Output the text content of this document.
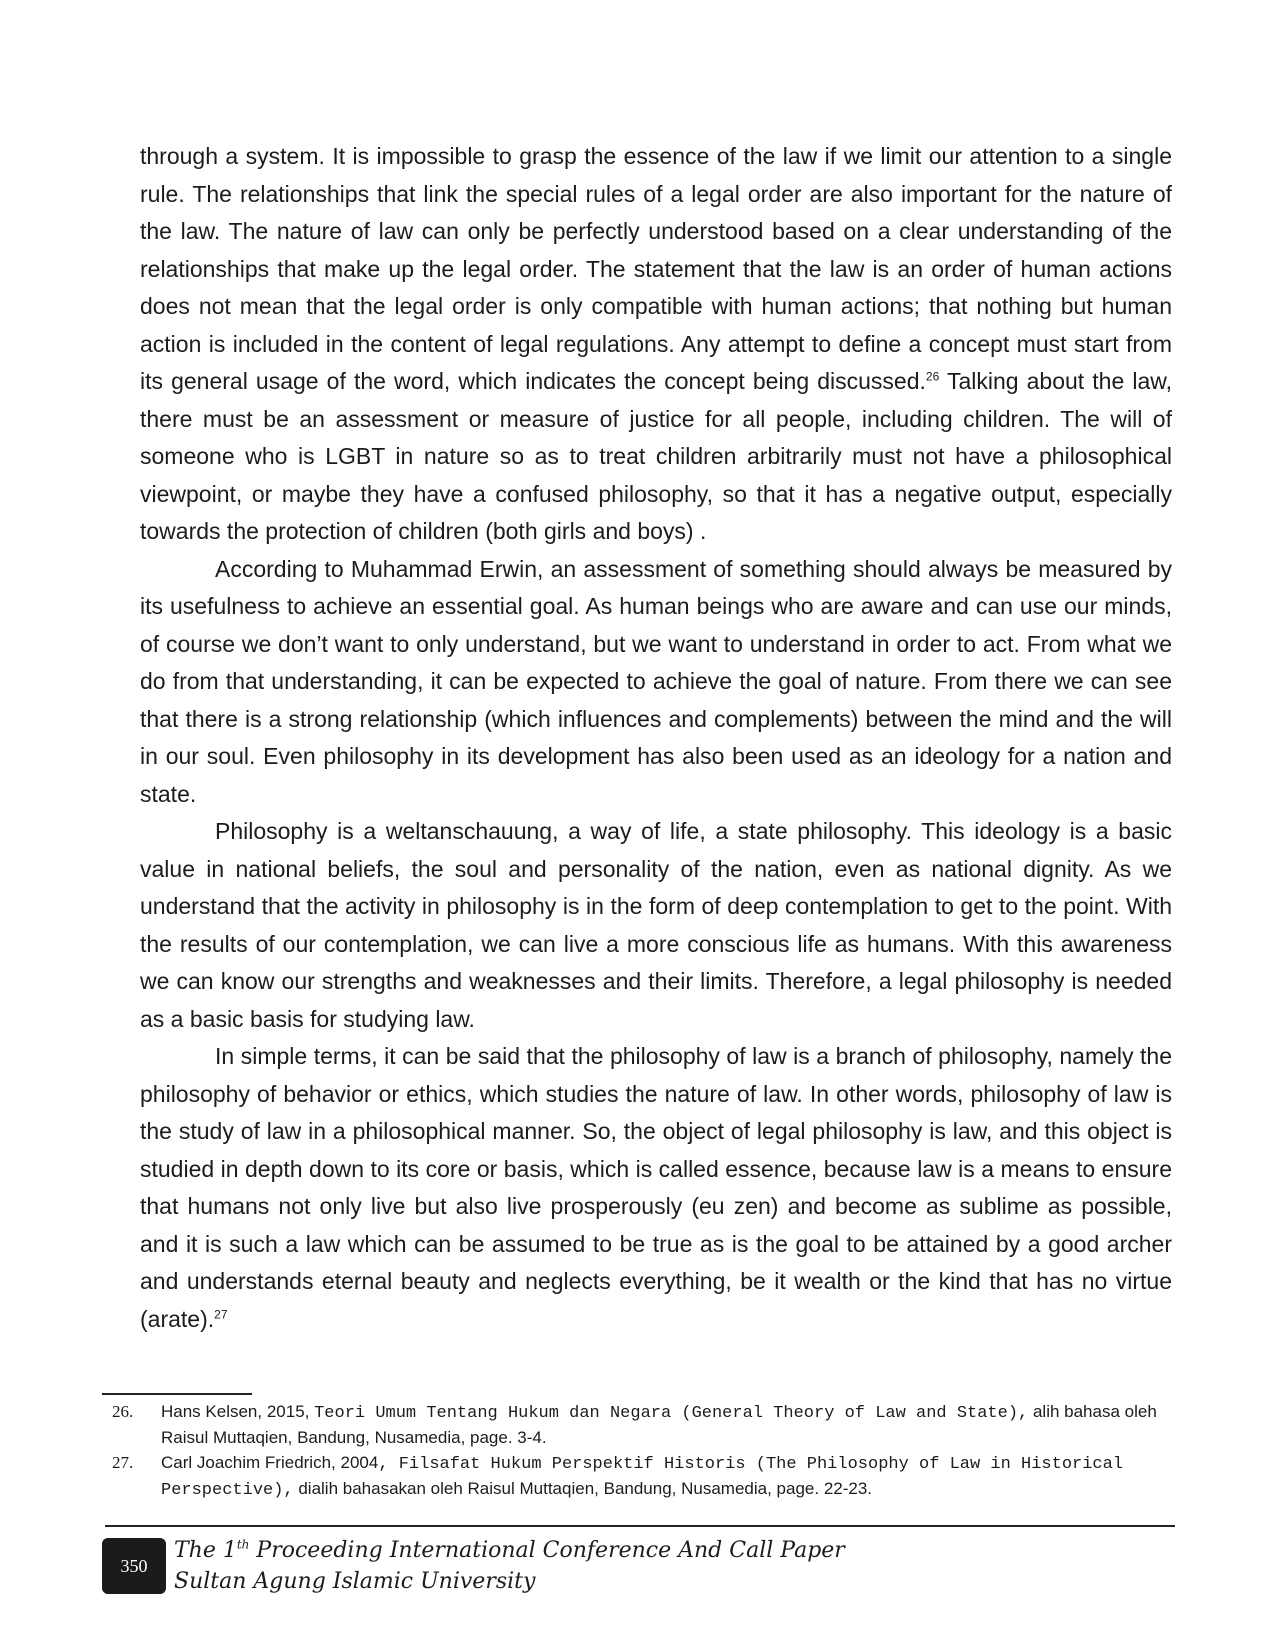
through a system. It is impossible to grasp the essence of the law if we limit our attention to a single rule. The relationships that link the special rules of a legal order are also important for the nature of the law. The nature of law can only be perfectly understood based on a clear understanding of the relationships that make up the legal order. The statement that the law is an order of human actions does not mean that the legal order is only compatible with human actions; that nothing but human action is included in the content of legal regulations. Any attempt to define a concept must start from its general usage of the word, which indicates the concept being discussed.$^{26}$ Talking about the law, there must be an assessment or measure of justice for all people, including children. The will of someone who is LGBT in nature so as to treat children arbitrarily must not have a philosophical viewpoint, or maybe they have a confused philosophy, so that it has a negative output, especially towards the protection of children (both girls and boys) .

According to Muhammad Erwin, an assessment of something should always be measured by its usefulness to achieve an essential goal. As human beings who are aware and can use our minds, of course we don’t want to only understand, but we want to understand in order to act. From what we do from that understanding, it can be expected to achieve the goal of nature. From there we can see that there is a strong relationship (which influences and complements) between the mind and the will in our soul. Even philosophy in its development has also been used as an ideology for a nation and state.

Philosophy is a weltanschauung, a way of life, a state philosophy. This ideology is a basic value in national beliefs, the soul and personality of the nation, even as national dignity. As we understand that the activity in philosophy is in the form of deep contemplation to get to the point. With the results of our contemplation, we can live a more conscious life as humans. With this awareness we can know our strengths and weaknesses and their limits. Therefore, a legal philosophy is needed as a basic basis for studying law.

In simple terms, it can be said that the philosophy of law is a branch of philosophy, namely the philosophy of behavior or ethics, which studies the nature of law. In other words, philosophy of law is the study of law in a philosophical manner. So, the object of legal philosophy is law, and this object is studied in depth down to its core or basis, which is called essence, because law is a means to ensure that humans not only live but also live prosperously (eu zen) and become as sublime as possible, and it is such a law which can be assumed to be true as is the goal to be attained by a good archer and understands eternal beauty and neglects everything, be it wealth or the kind that has no virtue (arate).$^{27}$

26. Hans Kelsen, 2015, Teori Umum Tentang Hukum dan Negara (General Theory of Law and State), alih bahasa oleh Raisul Muttaqien, Bandung, Nusamedia, page. 3-4.
27. Carl Joachim Friedrich, 2004, Filsafat Hukum Perspektif Historis (The Philosophy of Law in Historical Perspective), dialih bahasakan oleh Raisul Muttaqien, Bandung, Nusamedia, page. 22-23.
350
The 1th Proceeding International Conference And Call Paper
Sultan Agung Islamic University
